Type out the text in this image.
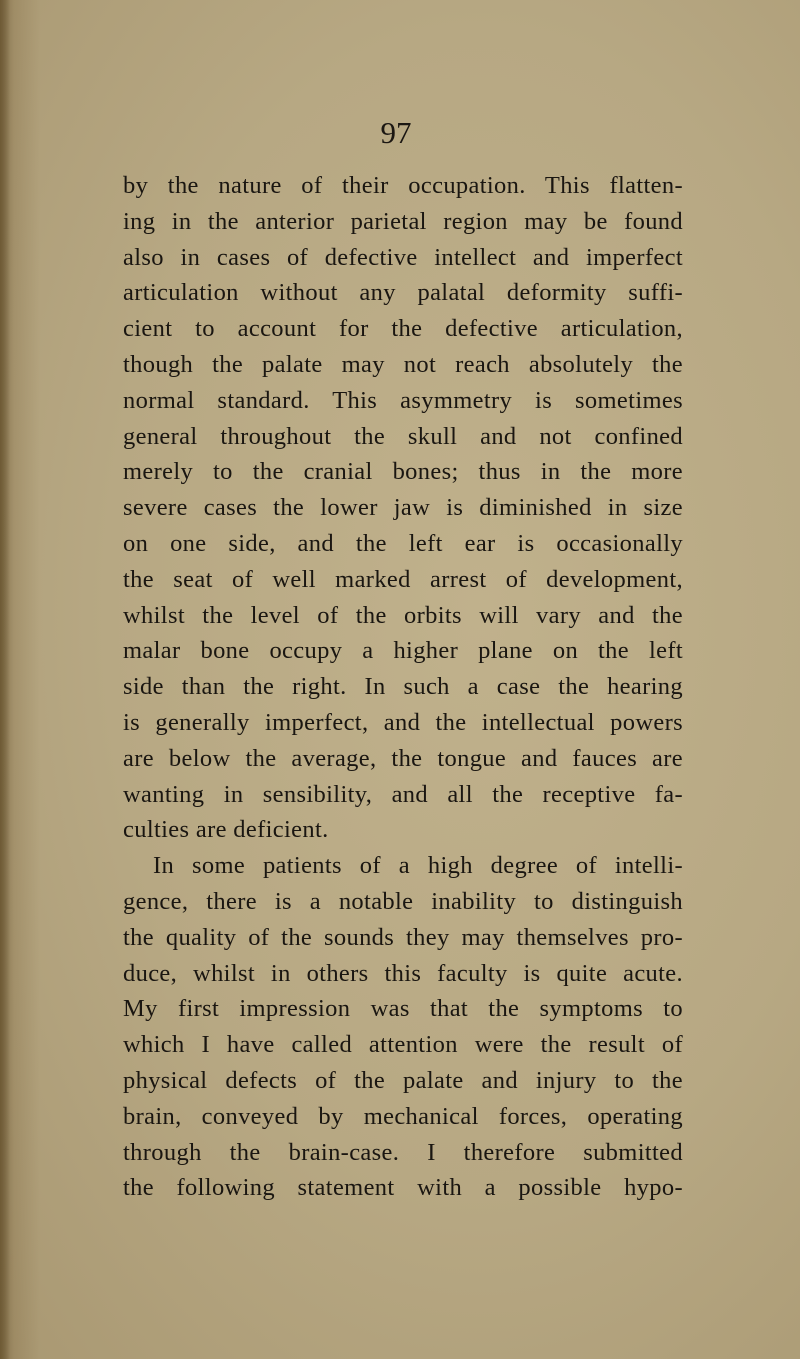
97
by the nature of their occupation. This flatten-
ing in the anterior parietal region may be found
also in cases of defective intellect and imperfect
articulation without any palatal deformity suffi-
cient to account for the defective articulation,
though the palate may not reach absolutely the
normal standard. This asymmetry is sometimes
general throughout the skull and not confined
merely to the cranial bones; thus in the more
severe cases the lower jaw is diminished in size
on one side, and the left ear is occasionally
the seat of well marked arrest of development,
whilst the level of the orbits will vary and the
malar bone occupy a higher plane on the left
side than the right. In such a case the hearing
is generally imperfect, and the intellectual powers
are below the average, the tongue and fauces are
wanting in sensibility, and all the receptive fa-
culties are deficient.
In some patients of a high degree of intelli-
gence, there is a notable inability to distinguish
the quality of the sounds they may themselves pro-
duce, whilst in others this faculty is quite acute.
My first impression was that the symptoms to
which I have called attention were the result of
physical defects of the palate and injury to the
brain, conveyed by mechanical forces, operating
through the brain-case. I therefore submitted
the following statement with a possible hypo-
